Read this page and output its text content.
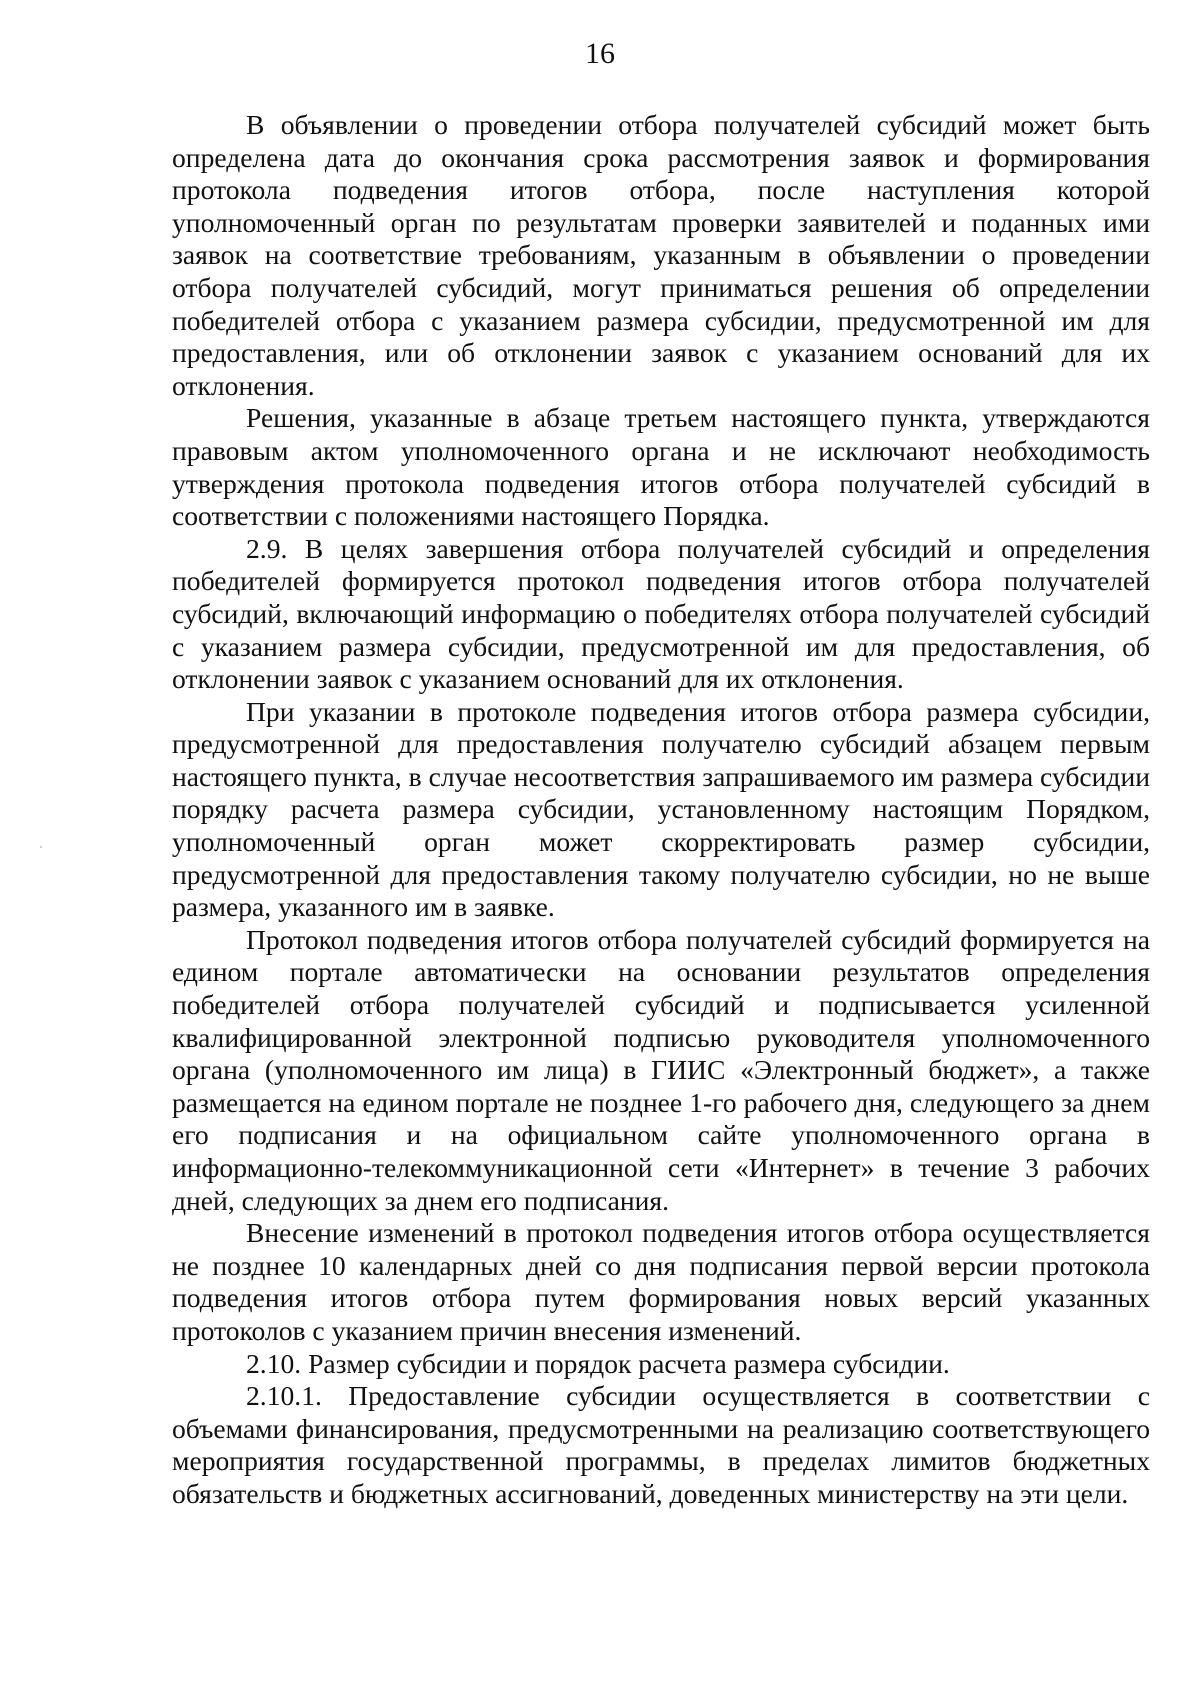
16

В объявлении о проведении отбора получателей субсидий может быть определена дата до окончания срока рассмотрения заявок и формирования протокола подведения итогов отбора, после наступления которой уполномоченный орган по результатам проверки заявителей и поданных ими заявок на соответствие требованиям, указанным в объявлении о проведении отбора получателей субсидий, могут приниматься решения об определении победителей отбора с указанием размера субсидии, предусмотренной им для предоставления, или об отклонении заявок с указанием оснований для их отклонения.

Решения, указанные в абзаце третьем настоящего пункта, утверждаются правовым актом уполномоченного органа и не исключают необходимость утверждения протокола подведения итогов отбора получателей субсидий в соответствии с положениями настоящего Порядка.

2.9. В целях завершения отбора получателей субсидий и определения победителей формируется протокол подведения итогов отбора получателей субсидий, включающий информацию о победителях отбора получателей субсидий с указанием размера субсидии, предусмотренной им для предоставления, об отклонении заявок с указанием оснований для их отклонения.

При указании в протоколе подведения итогов отбора размера субсидии, предусмотренной для предоставления получателю субсидий абзацем первым настоящего пункта, в случае несоответствия запрашиваемого им размера субсидии порядку расчета размера субсидии, установленному настоящим Порядком, уполномоченный орган может скорректировать размер субсидии, предусмотренной для предоставления такому получателю субсидии, но не выше размера, указанного им в заявке.

Протокол подведения итогов отбора получателей субсидий формируется на едином портале автоматически на основании результатов определения победителей отбора получателей субсидий и подписывается усиленной квалифицированной электронной подписью руководителя уполномоченного органа (уполномоченного им лица) в ГИИС «Электронный бюджет», а также размещается на едином портале не позднее 1-го рабочего дня, следующего за днем его подписания и на официальном сайте уполномоченного органа в информационно-телекоммуникационной сети «Интернет» в течение 3 рабочих дней, следующих за днем его подписания.

Внесение изменений в протокол подведения итогов отбора осуществляется не позднее 10 календарных дней со дня подписания первой версии протокола подведения итогов отбора путем формирования новых версий указанных протоколов с указанием причин внесения изменений.

2.10. Размер субсидии и порядок расчета размера субсидии.

2.10.1. Предоставление субсидии осуществляется в соответствии с объемами финансирования, предусмотренными на реализацию соответствующего мероприятия государственной программы, в пределах лимитов бюджетных обязательств и бюджетных ассигнований, доведенных министерству на эти цели.
